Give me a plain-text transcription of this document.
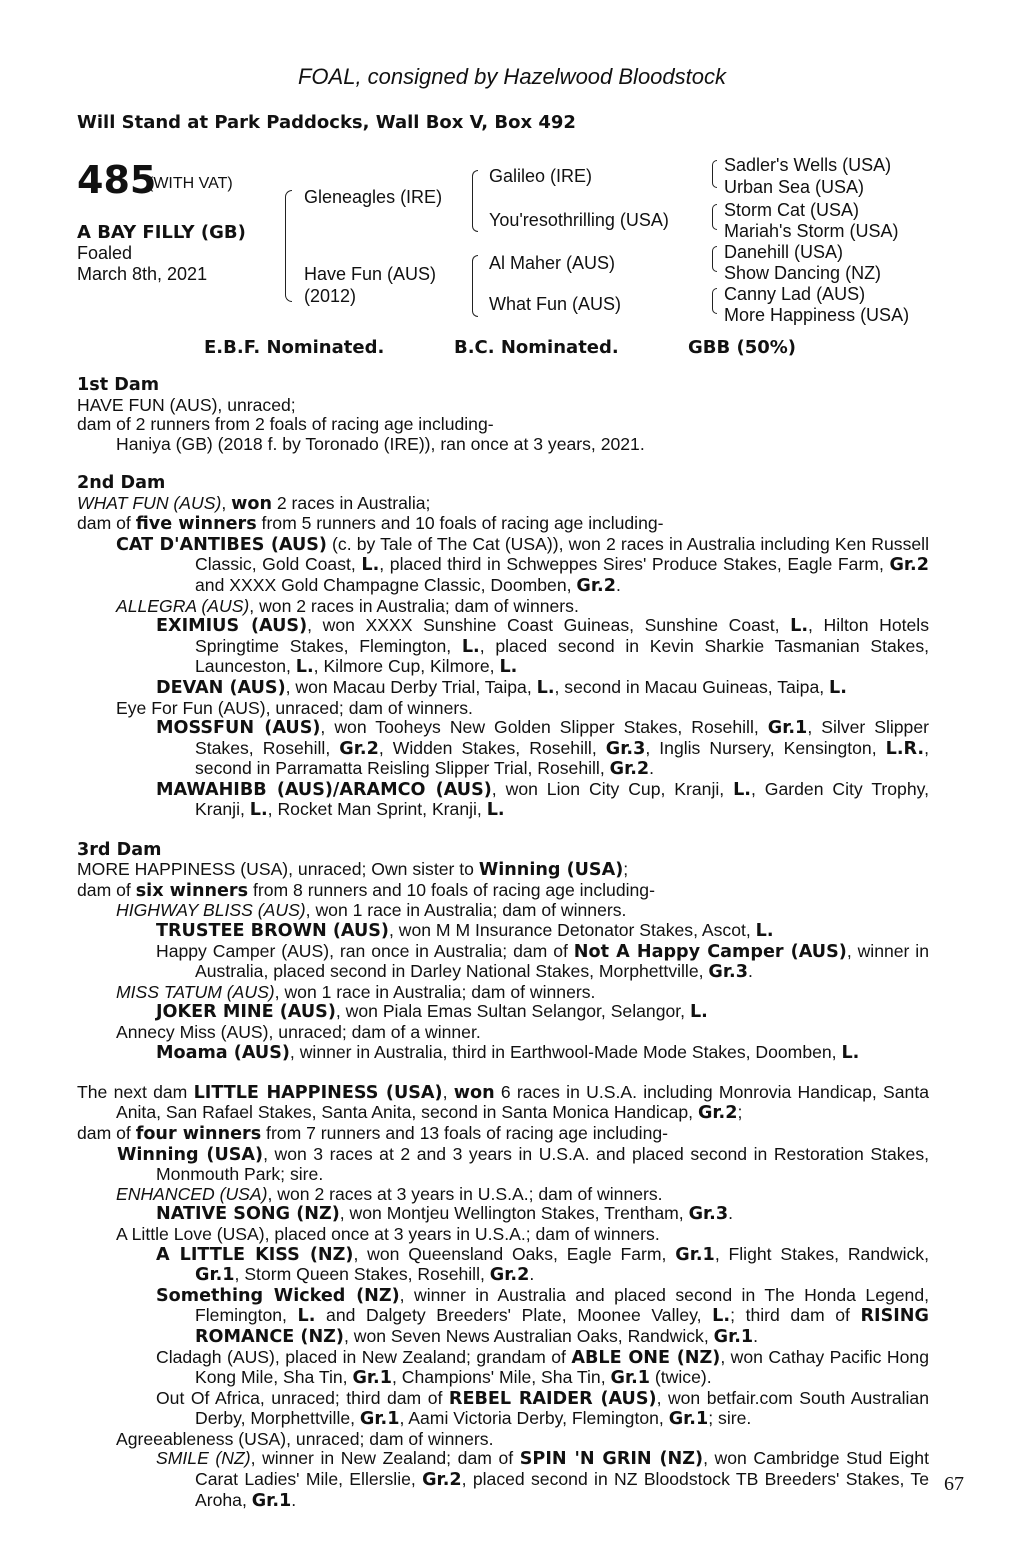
FOAL, consigned by Hazelwood Bloodstock
Will Stand at Park Paddocks, Wall Box V, Box 492
485
(WITH VAT)
A BAY FILLY (GB)
Foaled
March 8th, 2021
Gleneagles (IRE)
Have Fun (AUS)
(2012)
Galileo (IRE)
You'resothrilling (USA)
Al Maher (AUS)
What Fun (AUS)
Sadler's Wells (USA)
Urban Sea (USA)
Storm Cat (USA)
Mariah's Storm (USA)
Danehill (USA)
Show Dancing (NZ)
Canny Lad (AUS)
More Happiness (USA)
E.B.F. Nominated.	B.C. Nominated.	GBB (50%)

1st Dam

HAVE FUN (AUS), unraced;

dam of 2 runners from 2 foals of racing age including-

Haniya (GB) (2018 f. by Toronado (IRE)), ran once at 3 years, 2021.

2nd Dam

WHAT FUN (AUS), won 2 races in Australia;

dam of five winners from 5 runners and 10 foals of racing age including-

CAT D'ANTIBES (AUS) (c. by Tale of The Cat (USA)), won 2 races in Australia including Ken Russell Classic, Gold Coast, L., placed third in Schweppes Sires' Produce Stakes, Eagle Farm, Gr.2 and XXXX Gold Champagne Classic, Doomben, Gr.2.

ALLEGRA (AUS), won 2 races in Australia; dam of winners.

EXIMIUS (AUS), won XXXX Sunshine Coast Guineas, Sunshine Coast, L., Hilton Hotels Springtime Stakes, Flemington, L., placed second in Kevin Sharkie Tasmanian Stakes, Launceston, L., Kilmore Cup, Kilmore, L.

DEVAN (AUS), won Macau Derby Trial, Taipa, L., second in Macau Guineas, Taipa, L.

Eye For Fun (AUS), unraced; dam of winners.

MOSSFUN (AUS), won Tooheys New Golden Slipper Stakes, Rosehill, Gr.1, Silver Slipper Stakes, Rosehill, Gr.2, Widden Stakes, Rosehill, Gr.3, Inglis Nursery, Kensington, L.R., second in Parramatta Reisling Slipper Trial, Rosehill, Gr.2.

MAWAHIBB (AUS)/ARAMCO (AUS), won Lion City Cup, Kranji, L., Garden City Trophy, Kranji, L., Rocket Man Sprint, Kranji, L.

3rd Dam

MORE HAPPINESS (USA), unraced; Own sister to Winning (USA);

dam of six winners from 8 runners and 10 foals of racing age including-

HIGHWAY BLISS (AUS), won 1 race in Australia; dam of winners.

TRUSTEE BROWN (AUS), won M M Insurance Detonator Stakes, Ascot, L.

Happy Camper (AUS), ran once in Australia; dam of Not A Happy Camper (AUS), winner in Australia, placed second in Darley National Stakes, Morphettville, Gr.3.

MISS TATUM (AUS), won 1 race in Australia; dam of winners.

JOKER MINE (AUS), won Piala Emas Sultan Selangor, Selangor, L.

Annecy Miss (AUS), unraced; dam of a winner.

Moama (AUS), winner in Australia, third in Earthwool-Made Mode Stakes, Doomben, L.

The next dam LITTLE HAPPINESS (USA), won 6 races in U.S.A. including Monrovia Handicap, Santa Anita, San Rafael Stakes, Santa Anita, second in Santa Monica Handicap, Gr.2;

dam of four winners from 7 runners and 13 foals of racing age including-

Winning (USA), won 3 races at 2 and 3 years in U.S.A. and placed second in Restoration Stakes, Monmouth Park; sire.

ENHANCED (USA), won 2 races at 3 years in U.S.A.; dam of winners.

NATIVE SONG (NZ), won Montjeu Wellington Stakes, Trentham, Gr.3.

A Little Love (USA), placed once at 3 years in U.S.A.; dam of winners.

A LITTLE KISS (NZ), won Queensland Oaks, Eagle Farm, Gr.1, Flight Stakes, Randwick, Gr.1, Storm Queen Stakes, Rosehill, Gr.2.

Something Wicked (NZ), winner in Australia and placed second in The Honda Legend, Flemington, L. and Dalgety Breeders' Plate, Moonee Valley, L.; third dam of RISING ROMANCE (NZ), won Seven News Australian Oaks, Randwick, Gr.1.

Cladagh (AUS), placed in New Zealand; grandam of ABLE ONE (NZ), won Cathay Pacific Hong Kong Mile, Sha Tin, Gr.1, Champions' Mile, Sha Tin, Gr.1 (twice).

Out Of Africa, unraced; third dam of REBEL RAIDER (AUS), won betfair.com South Australian Derby, Morphettville, Gr.1, Aami Victoria Derby, Flemington, Gr.1; sire.

Agreeableness (USA), unraced; dam of winners.

SMILE (NZ), winner in New Zealand; dam of SPIN 'N GRIN (NZ), won Cambridge Stud Eight Carat Ladies' Mile, Ellerslie, Gr.2, placed second in NZ Bloodstock TB Breeders' Stakes, Te Aroha, Gr.1.

67
